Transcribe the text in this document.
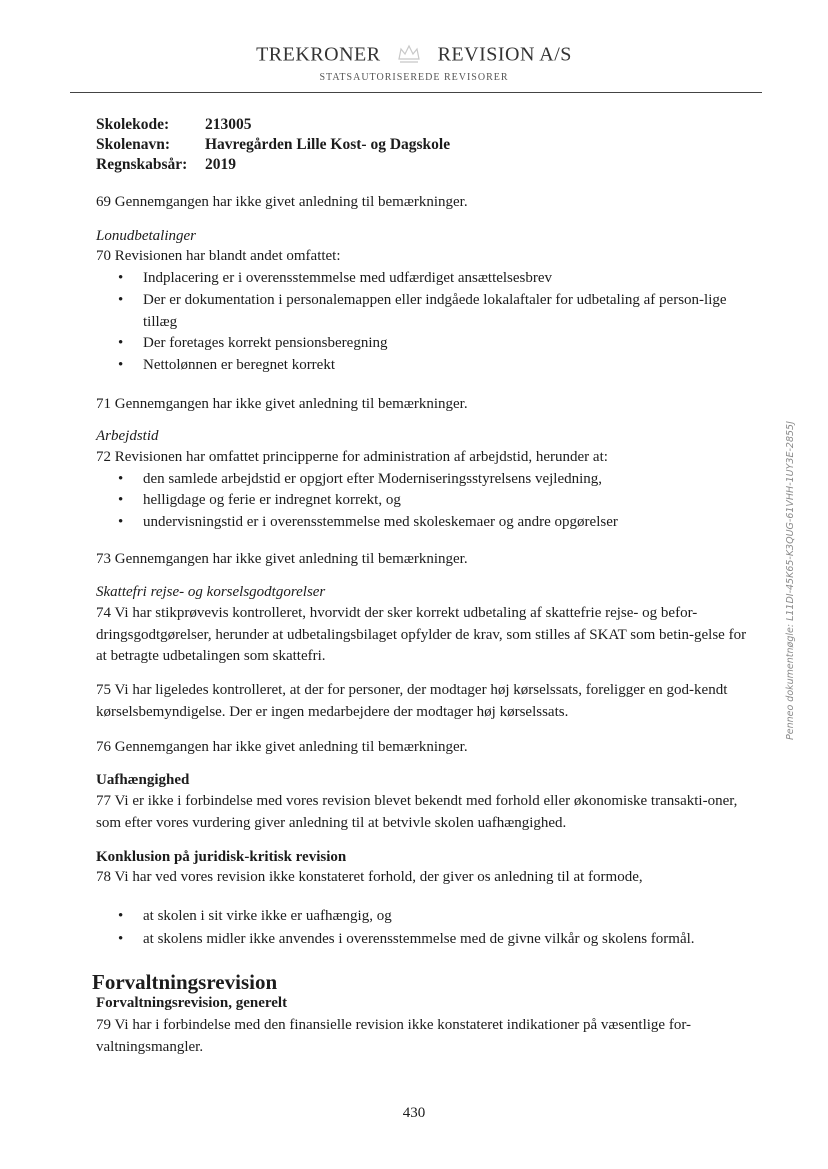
TREKRONER	REVISION A/S
STATSAUTORISEREDE REVISORER
Skolekode: 213005
Skolenavn: Havregården Lille Kost- og Dagskole
Regnskabsår: 2019
69 Gennemgangen har ikke givet anledning til bemærkninger.
Lonudbetalinger
70 Revisionen har blandt andet omfattet:
• Indplacering er i overensstemmelse med udfærdiget ansættelsesbrev
• Der er dokumentation i personalemappen eller indgåede lokalaftaler for udbetaling af person-lige tillæg
• Der foretages korrekt pensionsberegning
• Nettolønnen er beregnet korrekt
71 Gennemgangen har ikke givet anledning til bemærkninger.
Arbejdstid
72 Revisionen har omfattet principperne for administration af arbejdstid, herunder at:
• den samlede arbejdstid er opgjort efter Moderniseringsstyrelsens vejledning,
• helligdage og ferie er indregnet korrekt, og
• undervisningstid er i overensstemmelse med skoleskemaer og andre opgørelser
73 Gennemgangen har ikke givet anledning til bemærkninger.
Skattefri rejse- og korselsgodtgorelser
74 Vi har stikprøvevis kontrolleret, hvorvidt der sker korrekt udbetaling af skattefrie rejse- og befor-dringsgodtgørelser, herunder at udbetalingsbilaget opfylder de krav, som stilles af SKAT som betin-gelse for at betragte udbetalingen som skattefri.
75 Vi har ligeledes kontrolleret, at der for personer, der modtager høj kørselssats, foreligger en god-kendt kørselsbemyndigelse. Der er ingen medarbejdere der modtager høj kørselssats.
76 Gennemgangen har ikke givet anledning til bemærkninger.
Uafhængighed
77 Vi er ikke i forbindelse med vores revision blevet bekendt med forhold eller økonomiske transakti-oner, som efter vores vurdering giver anledning til at betvivle skolen uafhængighed.
Konklusion på juridisk-kritisk revision
78 Vi har ved vores revision ikke konstateret forhold, der giver os anledning til at formode,
• at skolen i sit virke ikke er uafhængig, og
• at skolens midler ikke anvendes i overensstemmelse med de givne vilkår og skolens formål.
Forvaltningsrevision
Forvaltningsrevision, generelt
79 Vi har i forbindelse med den finansielle revision ikke konstateret indikationer på væsentlige for-valtningsmangler.
Penneo dokumentnøgle: L11DI-45K65-K3QUG-61VHH-1UY3E-2855J
430
